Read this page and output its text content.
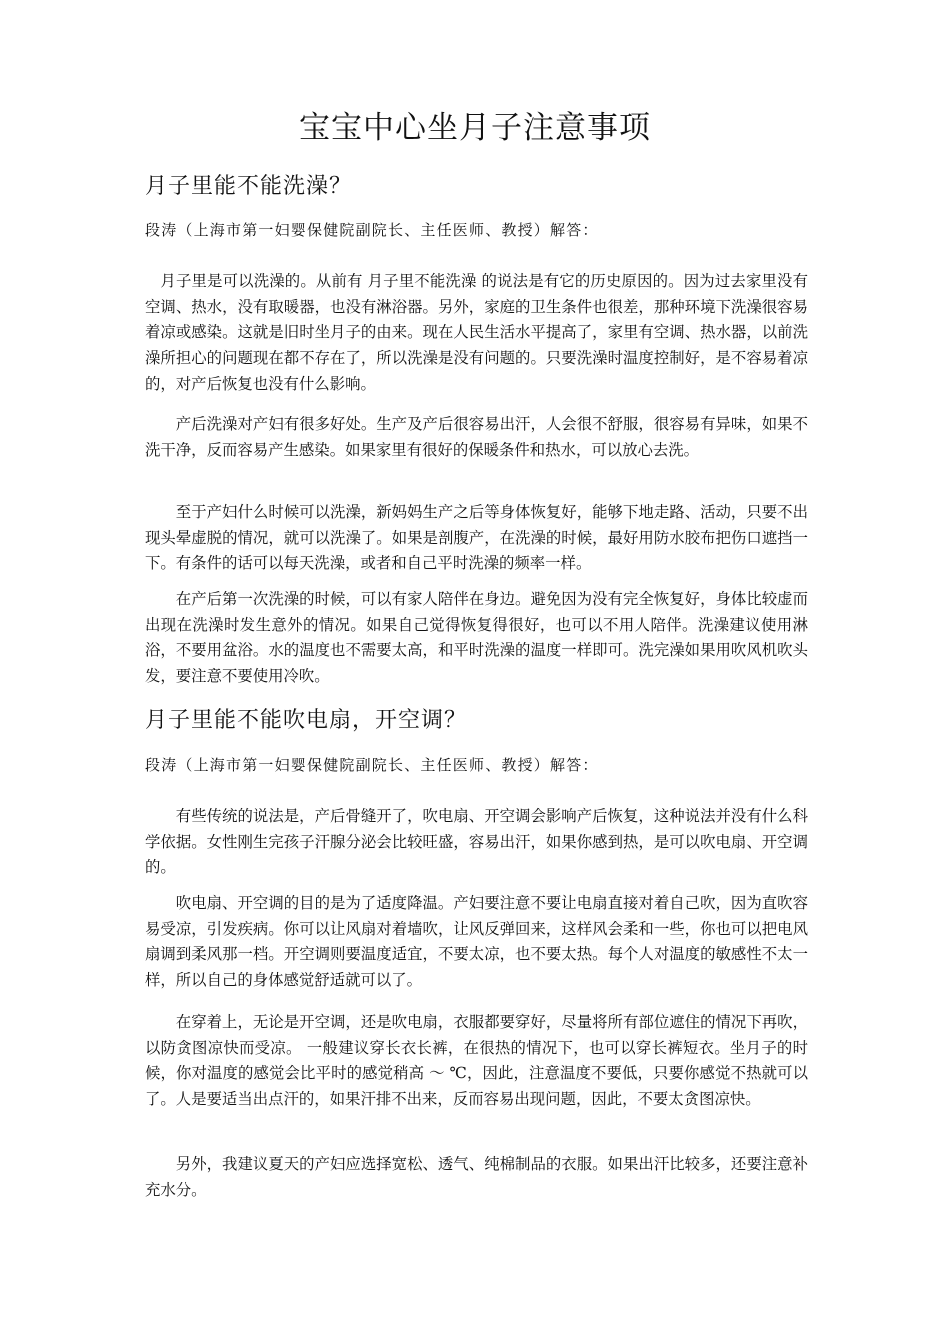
宝宝中心坐月子注意事项
月子里能不能洗澡？
段涛（上海市第一妇婴保健院副院长、主任医师、教授）解答：

月子里是可以洗澡的。从前有 月子里不能洗澡 的说法是有它的历史原因的。因为过去家里没有空调、热水，没有取暖器，也没有淋浴器。另外，家庭的卫生条件也很差，那种环境下洗澡很容易着凉或感染。这就是旧时坐月子的由来。现在人民生活水平提高了，家里有空调、热水器，以前洗澡所担心的问题现在都不存在了，所以洗澡是没有问题的。只要洗澡时温度控制好，是不容易着凉的，对产后恢复也没有什么影响。

产后洗澡对产妇有很多好处。生产及产后很容易出汗，人会很不舒服，很容易有异味，如果不洗干净，反而容易产生感染。如果家里有很好的保暖条件和热水，可以放心去洗。

至于产妇什么时候可以洗澡，新妈妈生产之后等身体恢复好，能够下地走路、活动，只要不出现头晕虚脱的情况，就可以洗澡了。如果是剖腹产，在洗澡的时候，最好用防水胶布把伤口遮挡一下。有条件的话可以每天洗澡，或者和自己平时洗澡的频率一样。

在产后第一次洗澡的时候，可以有家人陪伴在身边。避免因为没有完全恢复好，身体比较虚而出现在洗澡时发生意外的情况。如果自己觉得恢复得很好，也可以不用人陪伴。洗澡建议使用淋浴，不要用盆浴。水的温度也不需要太高，和平时洗澡的温度一样即可。洗完澡如果用吹风机吹头发，要注意不要使用冷吹。

月子里能不能吹电扇，开空调？
段涛（上海市第一妇婴保健院副院长、主任医师、教授）解答：

有些传统的说法是，产后骨缝开了，吹电扇、开空调会影响产后恢复，这种说法并没有什么科学依据。女性刚生完孩子汗腺分泌会比较旺盛，容易出汗，如果你感到热，是可以吹电扇、开空调的。

吹电扇、开空调的目的是为了适度降温。产妇要注意不要让电扇直接对着自己吹，因为直吹容易受凉，引发疾病。你可以让风扇对着墙吹，让风反弹回来，这样风会柔和一些，你也可以把电风扇调到柔风那一档。开空调则要温度适宜，不要太凉，也不要太热。每个人对温度的敏感性不太一样，所以自己的身体感觉舒适就可以了。

在穿着上，无论是开空调，还是吹电扇，衣服都要穿好，尽量将所有部位遮住的情况下再吹，以防贪图凉快而受凉。 一般建议穿长衣长裤，在很热的情况下，也可以穿长裤短衣。坐月子的时候，你对温度的感觉会比平时的感觉稍高 ～ ℃，因此，注意温度不要低，只要你感觉不热就可以了。人是要适当出点汗的，如果汗排不出来，反而容易出现问题，因此，不要太贪图凉快。

另外，我建议夏天的产妇应选择宽松、透气、纯棉制品的衣服。如果出汗比较多，还要注意补充水分。
